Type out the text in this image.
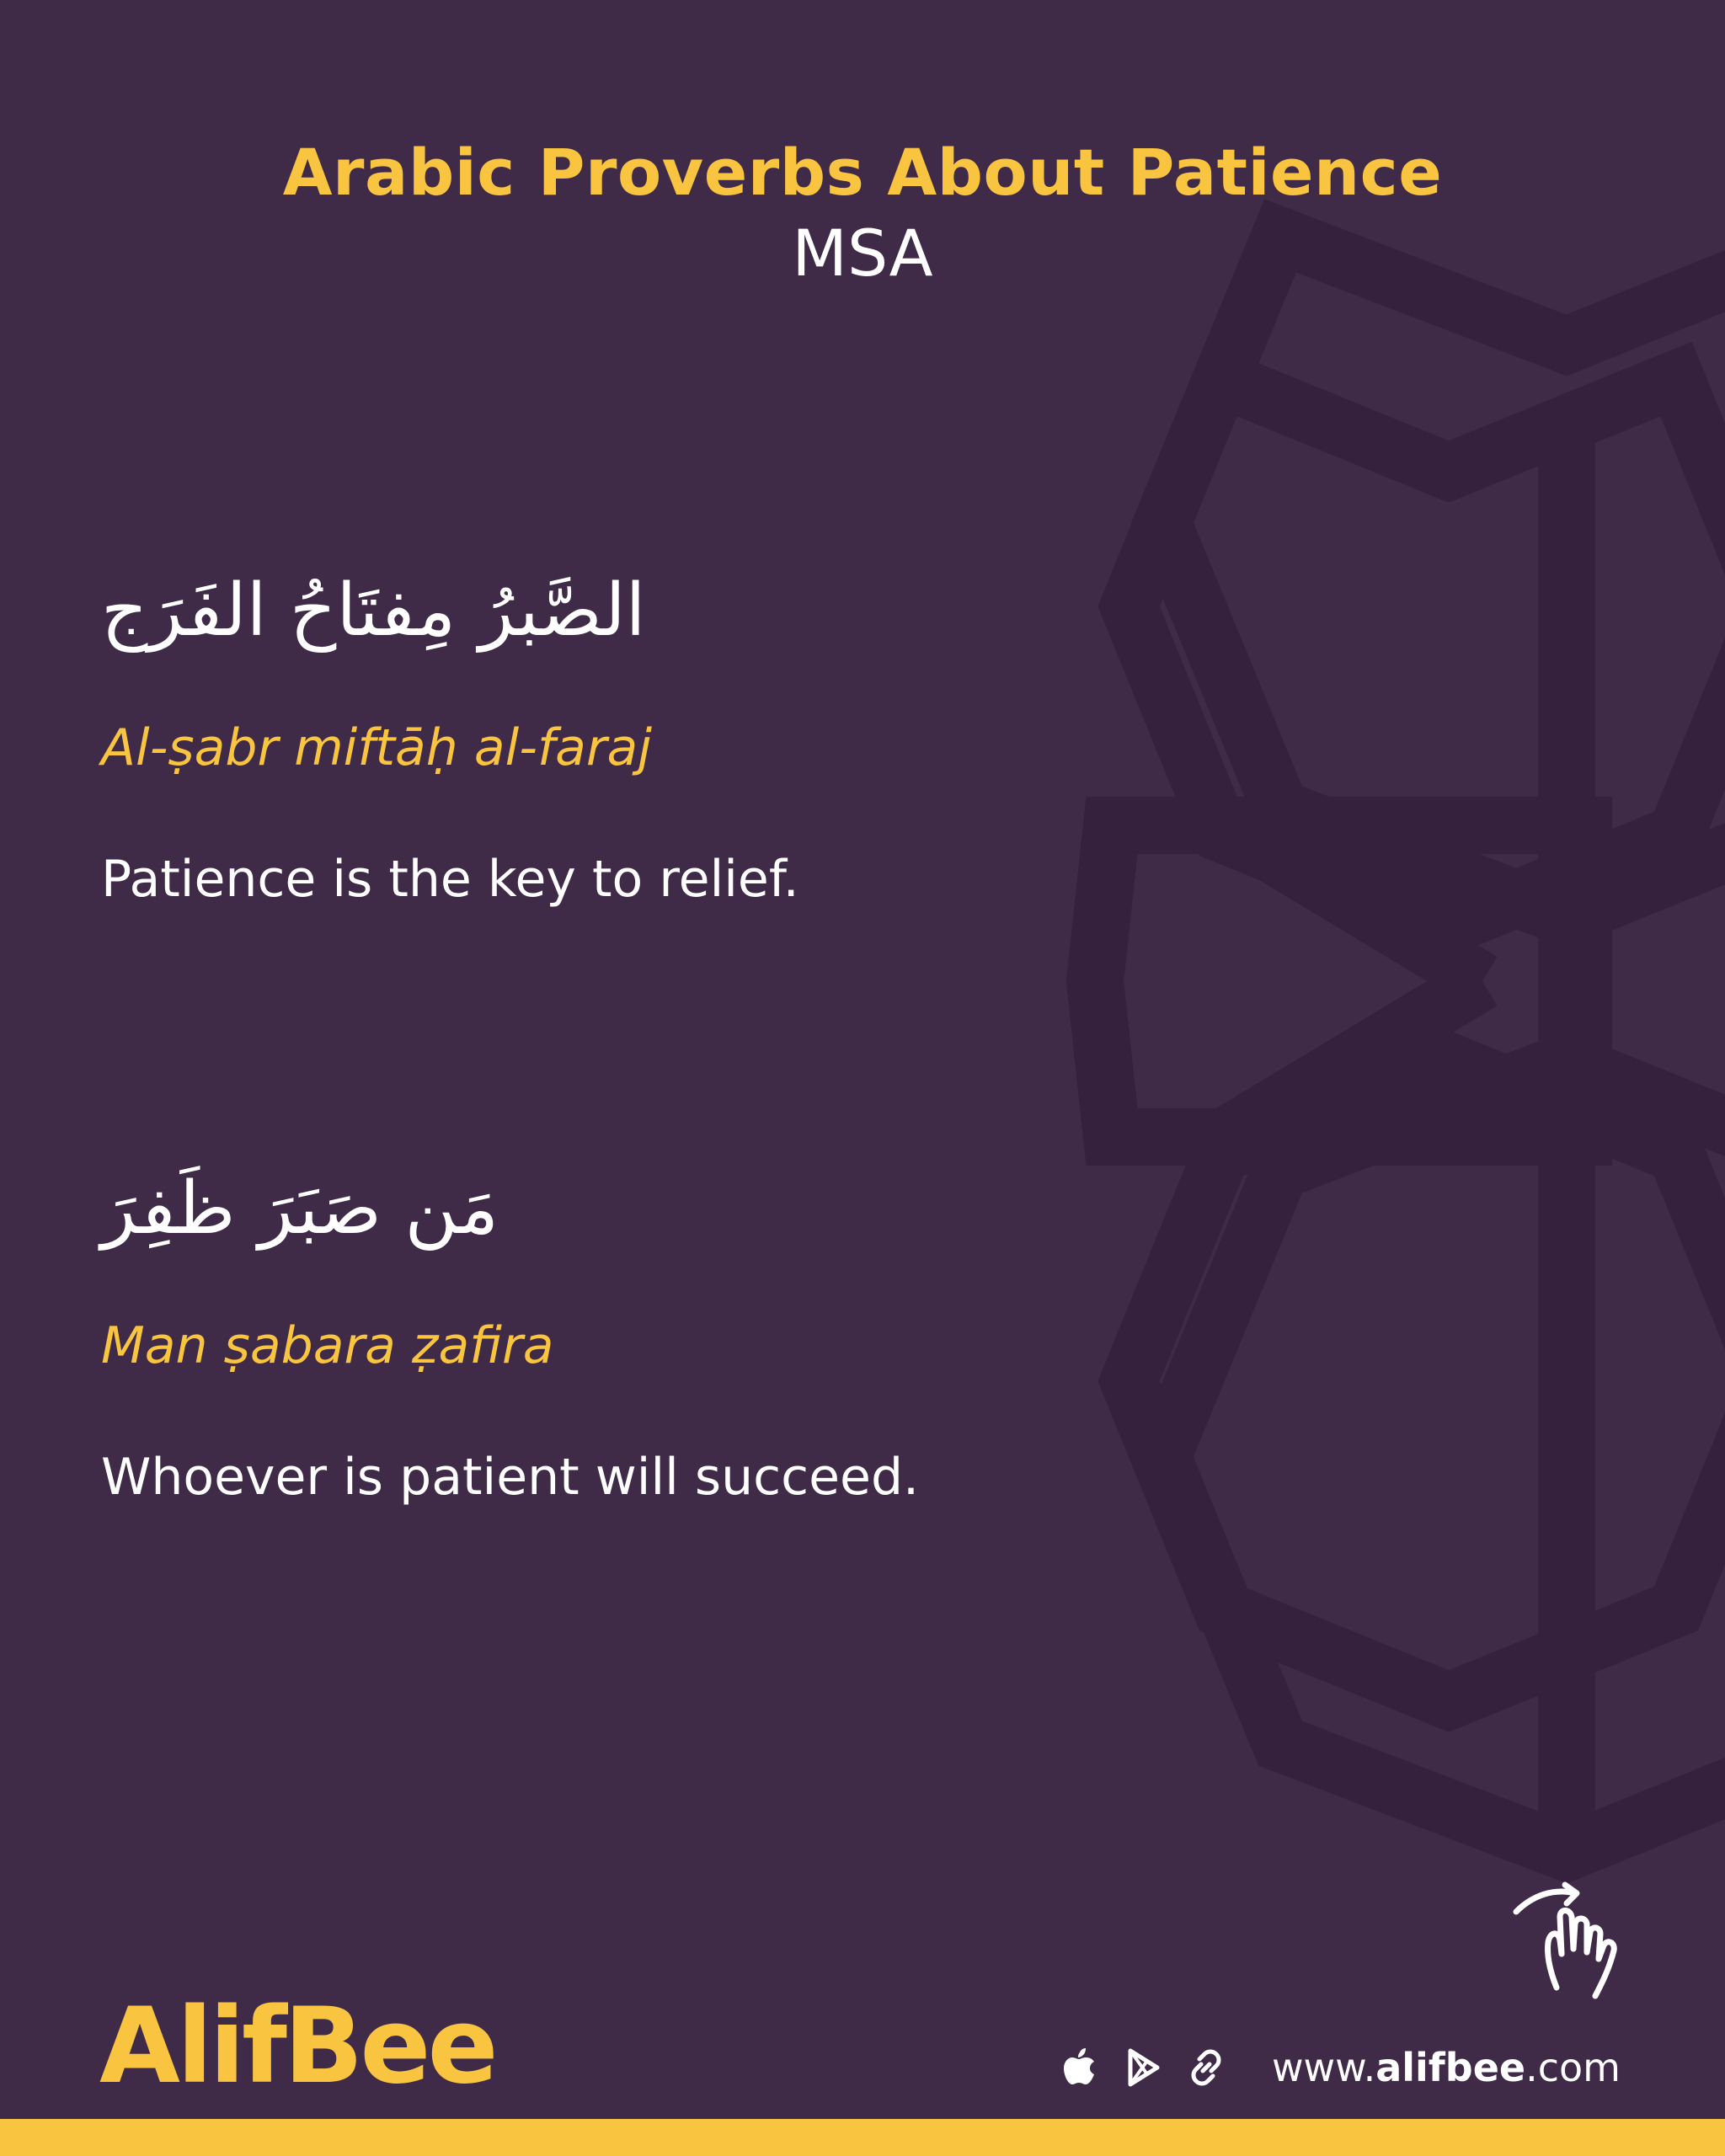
Arabic Proverbs About Patience
MSA
الصَّبرُ مِفتَاحُ الفَرَج
Al-ṣabr miftāḥ al-faraj
Patience is the key to relief.
مَن صَبَرَ ظَفِرَ
Man ṣabara ẓafira
Whoever is patient will succeed.
AlifBee	www.alifbee.com
